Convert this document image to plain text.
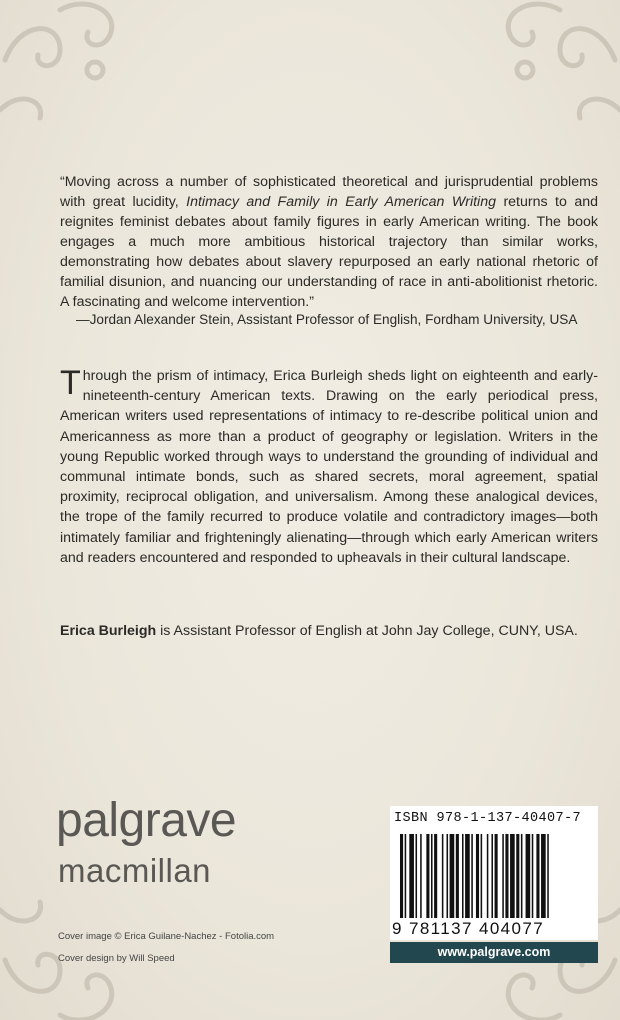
“Moving across a number of sophisticated theoretical and jurisprudential problems with great lucidity, Intimacy and Family in Early American Writing returns to and reignites feminist debates about family figures in early American writing. The book engages a much more ambitious historical trajectory than similar works, demonstrating how debates about slavery repurposed an early national rhetoric of familial disunion, and nuancing our understanding of race in anti-abolitionist rhetoric. A fascinating and welcome intervention.”

—Jordan Alexander Stein, Assistant Professor of English, Fordham University, USA

Through the prism of intimacy, Erica Burleigh sheds light on eighteenth and early-nineteenth-century American texts. Drawing on the early periodical press, American writers used representations of intimacy to re-describe political union and Americanness as more than a product of geography or legislation. Writers in the young Republic worked through ways to understand the grounding of individual and communal intimate bonds, such as shared secrets, moral agreement, spatial proximity, reciprocal obligation, and universalism. Among these analogical devices, the trope of the family recurred to produce volatile and contradictory images—both intimately familiar and frighteningly alienating—through which early American writers and readers encountered and responded to upheavals in their cultural landscape.

Erica Burleigh is Assistant Professor of English at John Jay College, CUNY, USA.
palgrave
macmillan
Cover image © Erica Guilane-Nachez - Fotolia.com
Cover design by Will Speed
ISBN 978-1-137-40407-7
9 781137 404077
www.palgrave.com
